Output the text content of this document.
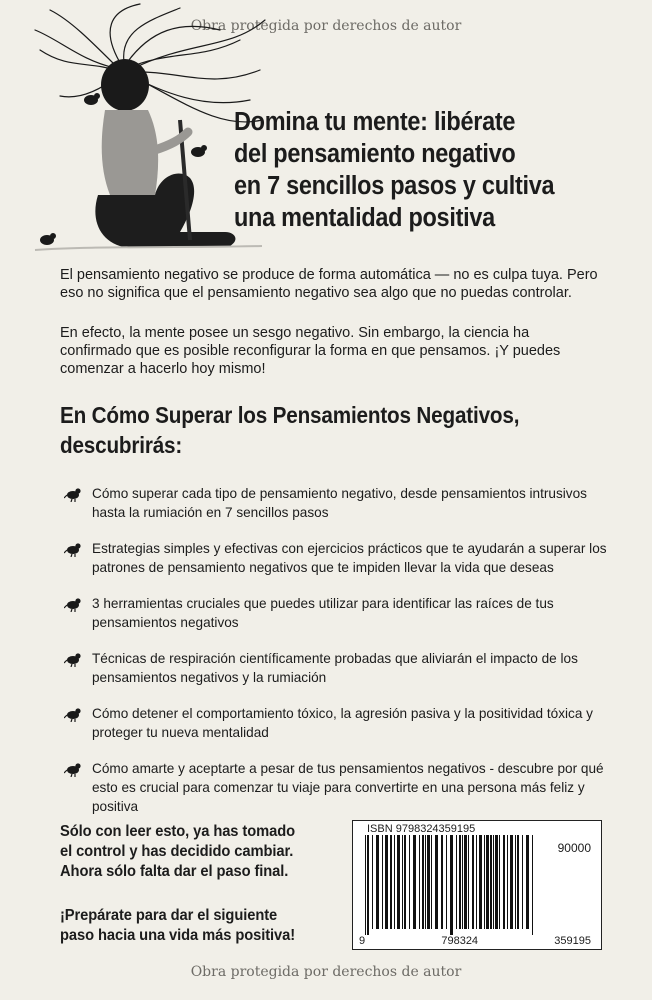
Obra protegida por derechos de autor
Domina tu mente: libérate
del pensamiento negativo
en 7 sencillos pasos y cultiva
una mentalidad positiva

El pensamiento negativo se produce de forma automática — no es culpa tuya. Pero eso no significa que el pensamiento negativo sea algo que no puedas controlar.

En efecto, la mente posee un sesgo negativo. Sin embargo, la ciencia ha confirmado que es posible reconfigurar la forma en que pensamos. ¡Y puedes comenzar a hacerlo hoy mismo!

En Cómo Superar los Pensamientos Negativos,
descubrirás:
Cómo superar cada tipo de pensamiento negativo, desde pensamientos intrusivos hasta la rumiación en 7 sencillos pasos
Estrategias simples y efectivas con ejercicios prácticos que te ayudarán a superar los patrones de pensamiento negativos que te impiden llevar la vida que deseas
3 herramientas cruciales que puedes utilizar para identificar las raíces de tus pensamientos negativos
Técnicas de respiración científicamente probadas que aliviarán el impacto de los pensamientos negativos y la rumiación
Cómo detener el comportamiento tóxico, la agresión pasiva y la positividad tóxica y proteger tu nueva mentalidad
Cómo amarte y aceptarte a pesar de tus pensamientos negativos - descubre por qué esto es crucial para comenzar tu viaje para convertirte en una persona más feliz y positiva
Sólo con leer esto, ya has tomado
el control y has decidido cambiar.
Ahora sólo falta dar el paso final.
¡Prepárate para dar el siguiente
paso hacia una vida más positiva!
ISBN 9798324359195
90000
9	798324	359195
Obra protegida por derechos de autor
